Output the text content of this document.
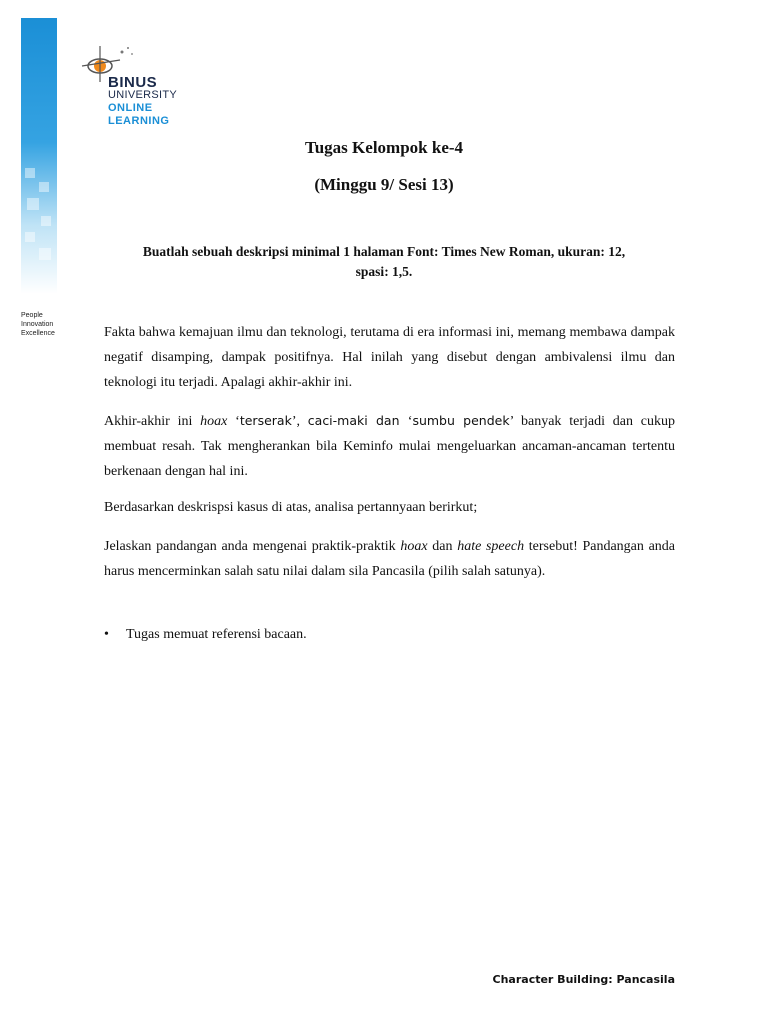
People
Innovation
Excellence
BINUS
UNIVERSITY
ONLINE
LEARNING
Tugas Kelompok ke-4
(Minggu 9/ Sesi 13)
Buatlah sebuah deskripsi minimal 1 halaman Font: Times New Roman, ukuran: 12,
spasi: 1,5.

Fakta bahwa kemajuan ilmu dan teknologi, terutama di era informasi ini, memang membawa dampak negatif disamping, dampak positifnya. Hal inilah yang disebut dengan ambivalensi ilmu dan teknologi itu terjadi. Apalagi akhir-akhir ini.

Akhir-akhir ini hoax ‘terserak’, caci-maki dan ‘sumbu pendek’ banyak terjadi dan cukup membuat resah. Tak mengherankan bila Keminfo mulai mengeluarkan ancaman-ancaman tertentu berkenaan dengan hal ini.

Berdasarkan deskrispsi kasus di atas, analisa pertannyaan berirkut;

Jelaskan pandangan anda mengenai praktik-praktik hoax dan hate speech tersebut! Pandangan anda harus mencerminkan salah satu nilai dalam sila Pancasila (pilih salah satunya).

• Tugas memuat referensi bacaan.
Character Building: Pancasila
